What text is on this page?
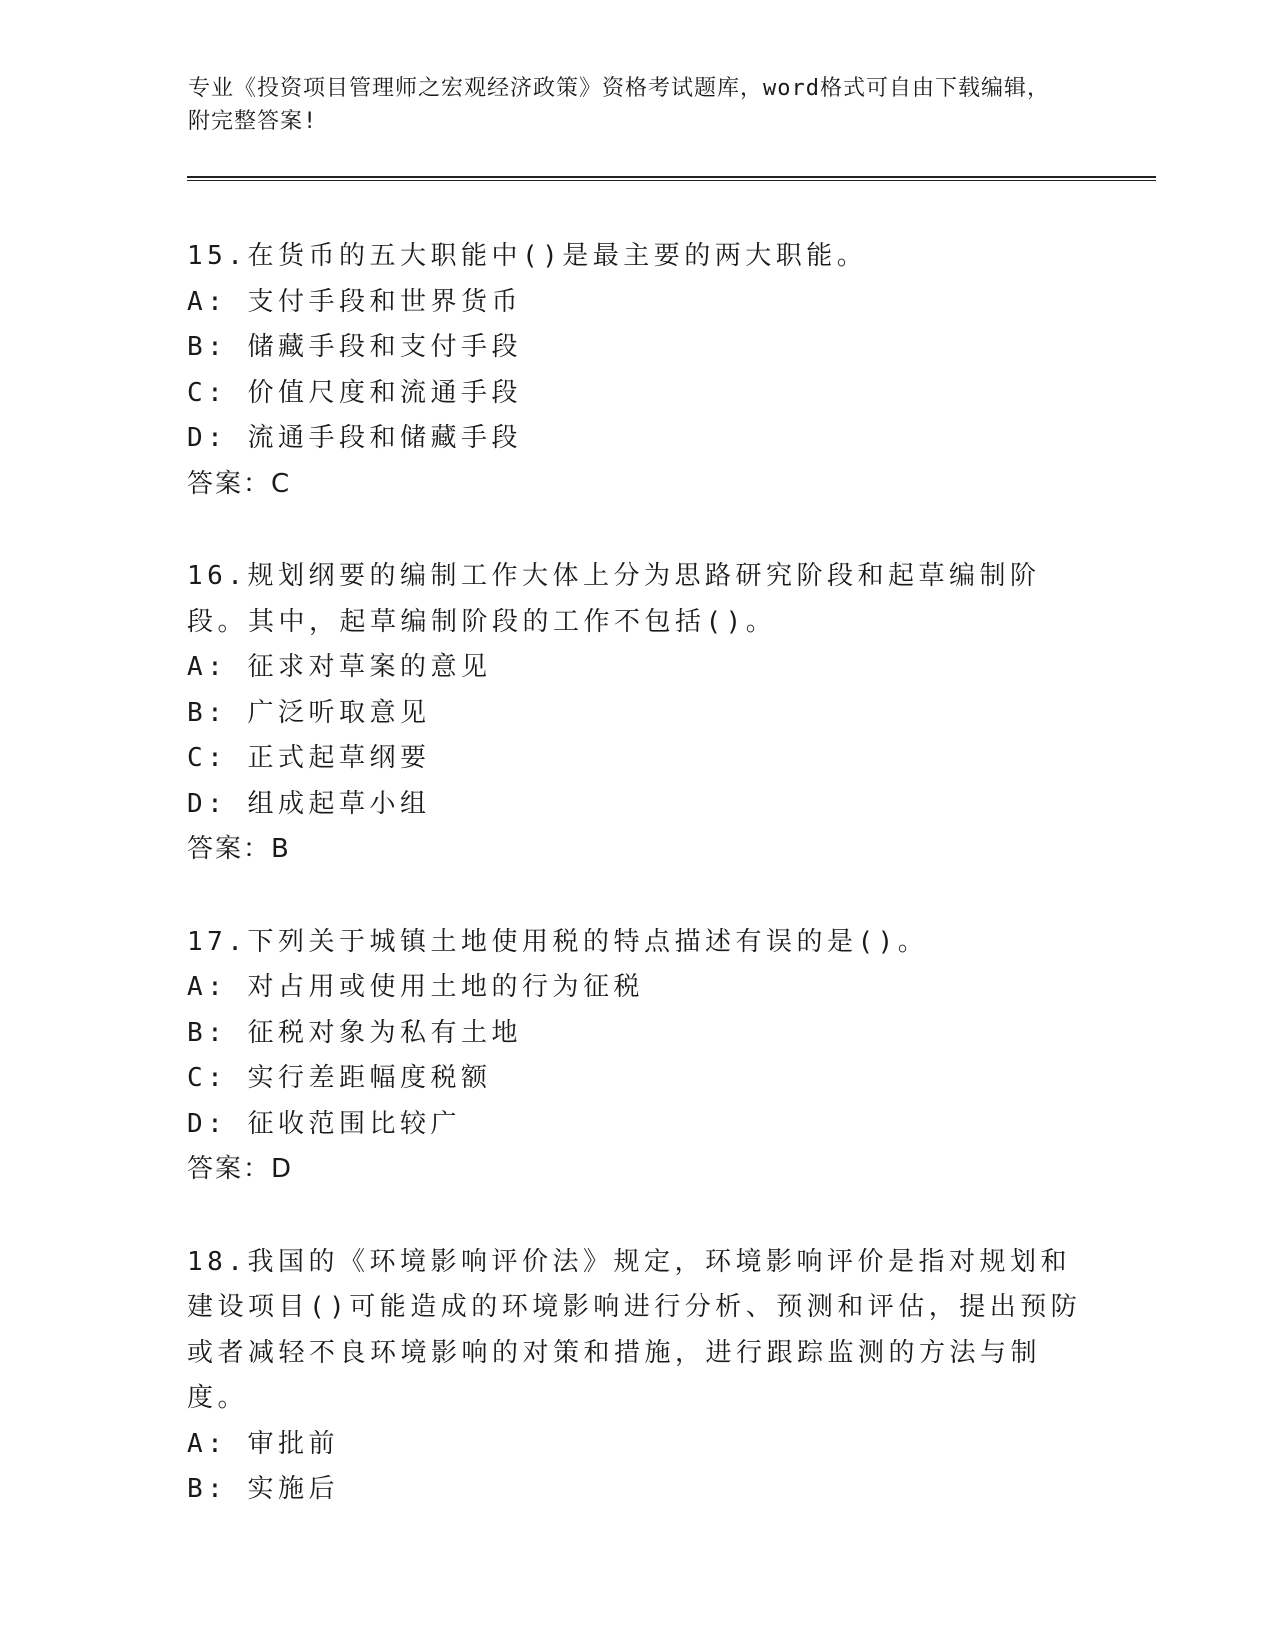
专业《投资项目管理师之宏观经济政策》资格考试题库，word格式可自由下载编辑，附完整答案!
15.在货币的五大职能中()是最主要的两大职能。
A: 支付手段和世界货币
B: 储藏手段和支付手段
C: 价值尺度和流通手段
D: 流通手段和储藏手段
答案：C
16.规划纲要的编制工作大体上分为思路研究阶段和起草编制阶段。其中，起草编制阶段的工作不包括()。
A: 征求对草案的意见
B: 广泛听取意见
C: 正式起草纲要
D: 组成起草小组
答案：B
17.下列关于城镇土地使用税的特点描述有误的是()。
A: 对占用或使用土地的行为征税
B: 征税对象为私有土地
C: 实行差距幅度税额
D: 征收范围比较广
答案：D
18.我国的《环境影响评价法》规定，环境影响评价是指对规划和建设项目()可能造成的环境影响进行分析、预测和评估，提出预防或者减轻不良环境影响的对策和措施，进行跟踪监测的方法与制度。
A: 审批前
B: 实施后
